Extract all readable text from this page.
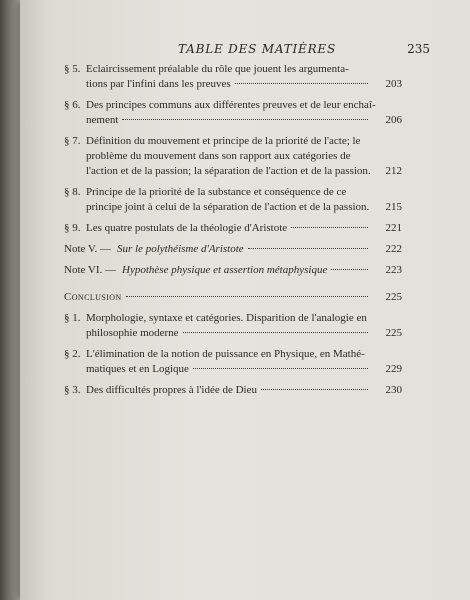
TABLE DES MATIÈRES	235
§ 5. Eclaircissement préalable du rôle que jouent les argumenta-
tions par l'infini dans les preuves	203
§ 6. Des principes communs aux différentes preuves et de leur enchaî-
nement	206
§ 7. Définition du mouvement et principe de la priorité de l'acte; le
problème du mouvement dans son rapport aux catégories de
l'action et de la passion; la séparation de l'action et de la passion.	212
§ 8. Principe de la priorité de la substance et conséquence de ce
principe joint à celui de la séparation de l'action et de la passion.	215
§ 9. Les quatre postulats de la théologie d'Aristote	221
Note V. — Sur le polythéisme d'Aristote	222
Note VI. — Hypothèse physique et assertion métaphysique	223
Conclusion	225
§ 1. Morphologie, syntaxe et catégories. Disparition de l'analogie en
philosophie moderne	225
§ 2. L'élimination de la notion de puissance en Physique, en Mathé-
matiques et en Logique	229
§ 3. Des difficultés propres à l'idée de Dieu	230
